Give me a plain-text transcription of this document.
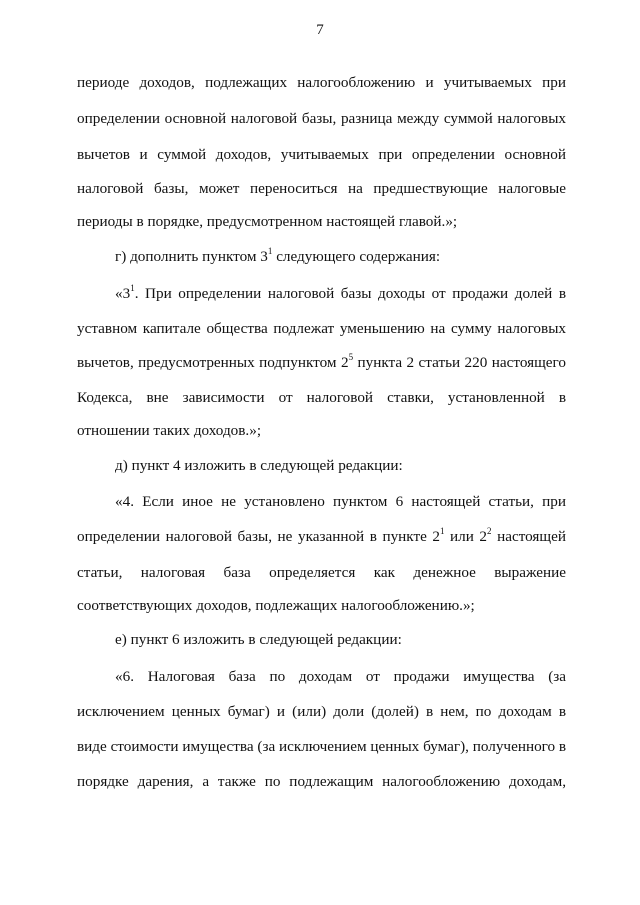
7
периоде доходов, подлежащих налогообложению и учитываемых при
определении основной налоговой базы, разница между суммой налоговых
вычетов и суммой доходов, учитываемых при определении основной
налоговой базы, может переноситься на предшествующие налоговые
периоды в порядке, предусмотренном настоящей главой.»;
г) дополнить пунктом $3^1$ следующего содержания:
«$3^1$. При определении налоговой базы доходы от продажи долей в
уставном капитале общества подлежат уменьшению на сумму налоговых
вычетов, предусмотренных подпунктом $2^5$ пункта 2 статьи 220 настоящего
Кодекса, вне зависимости от налоговой ставки, установленной в
отношении таких доходов.»;
д) пункт 4 изложить в следующей редакции:
«4. Если иное не установлено пунктом 6 настоящей статьи, при
определении налоговой базы, не указанной в пункте $2^1$ или $2^2$ настоящей
статьи, налоговая база определяется как денежное выражение
соответствующих доходов, подлежащих налогообложению.»;
е) пункт 6 изложить в следующей редакции:
«6. Налоговая база по доходам от продажи имущества (за
исключением ценных бумаг) и (или) доли (долей) в нем, по доходам в
виде стоимости имущества (за исключением ценных бумаг), полученного в
порядке дарения, а также по подлежащим налогообложению доходам,
